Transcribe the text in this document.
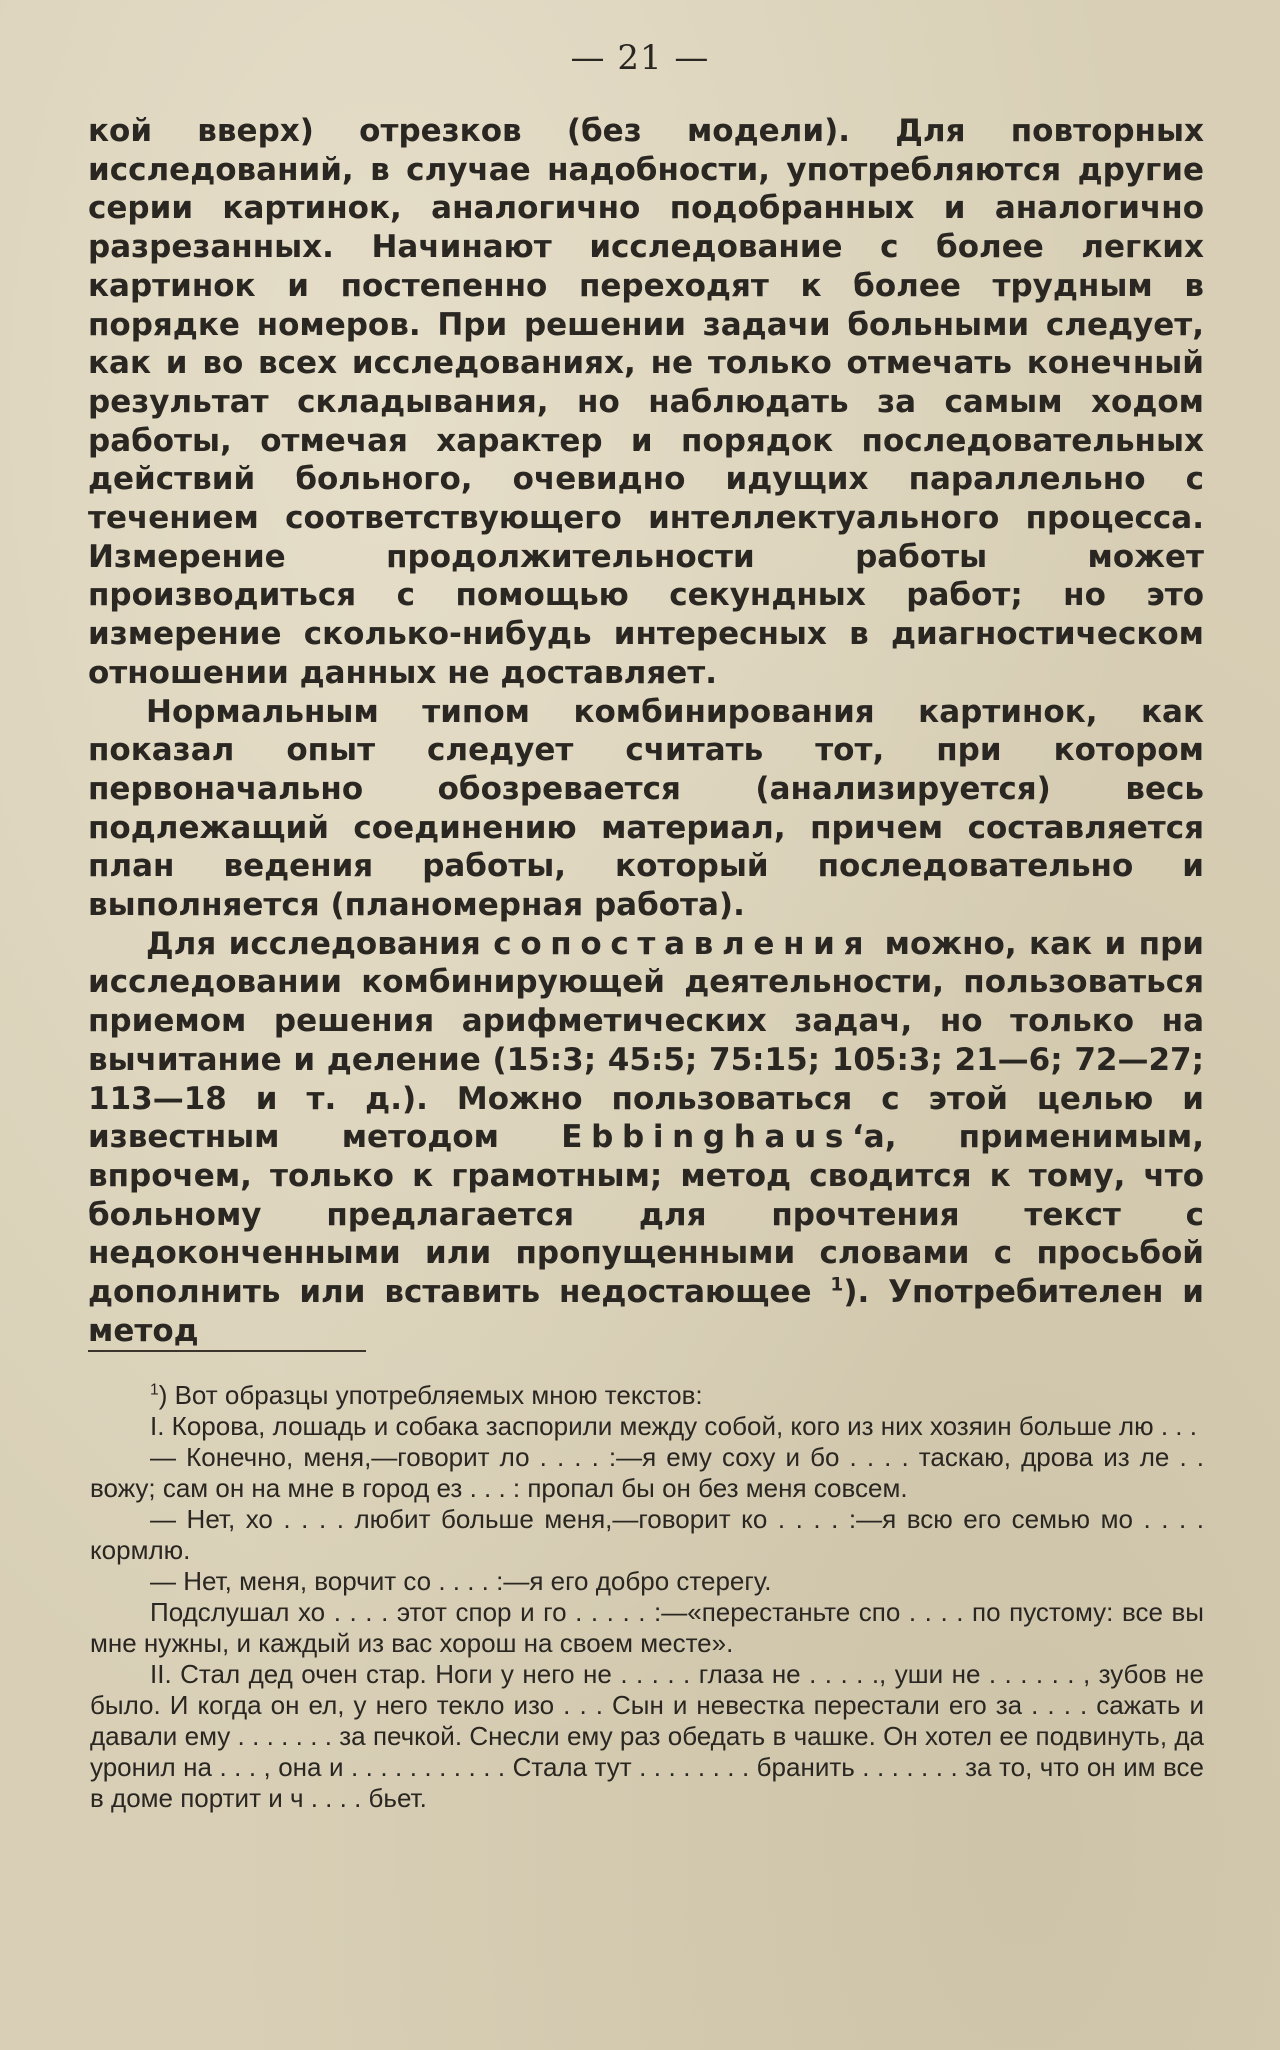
— 21 —

кой вверх) отрезков (без модели). Для повторных исследований, в случае надобности, употребляются другие серии картинок, аналогично подобранных и аналогично разрезанных. Начинают исследование с более легких картинок и постепенно переходят к более трудным в порядке номеров. При решении задачи больными следует, как и во всех исследованиях, не только отмечать конечный результат складывания, но наблюдать за самым ходом работы, отмечая характер и порядок последовательных действий больного, очевидно идущих параллельно с течением соответствующего интеллектуального процесса. Измерение продолжительности работы может производиться с помощью секундных работ; но это измерение сколько-нибудь интересных в диагностическом отношении данных не доставляет.

Нормальным типом комбинирования картинок, как показал опыт следует считать тот, при котором первоначально обозревается (анализируется) весь подлежащий соединению материал, причем составляется план ведения работы, который последовательно и выполняется (планомерная работа).

Для исследования сопоставления можно, как и при исследовании комбинирующей деятельности, пользоваться приемом решения арифметических задач, но только на вычитание и деление (15:3; 45:5; 75:15; 105:3; 21—6; 72—27; 113—18 и т. д.). Можно пользоваться с этой целью и известным методом Ebbinghaus‘а, применимым, впрочем, только к грамотным; метод сводится к тому, что больному предлагается для прочтения текст с недоконченными или пропущенными словами с просьбой дополнить или вставить недостающее $^1$). Употребителен и метод

$^1$) Вот образцы употребляемых мною текстов:

I. Корова, лошадь и собака заспорили между собой, кого из них хозяин больше лю . . .

— Конечно, меня,—говорит ло . . . . :—я ему соху и бо . . . . таскаю, дрова из ле . . вожу; сам он на мне в город ез . . . : пропал бы он без меня совсем.

— Нет, хо . . . . любит больше меня,—говорит ко . . . . :—я всю его семью мо . . . . кормлю.

— Нет, меня, ворчит со . . . . :—я его добро стерегу.

Подслушал хо . . . . этот спор и го . . . . . :—«перестаньте спо . . . . по пустому: все вы мне нужны, и каждый из вас хорош на своем месте».

II. Стал дед очен стар. Ноги у него не . . . . . глаза не . . . . ., уши не . . . . . . , зубов не было. И когда он ел, у него текло изо . . . Сын и невестка перестали его за . . . . сажать и давали ему . . . . . . . за печкой. Снесли ему раз обедать в чашке. Он хотел ее подвинуть, да уронил на . . . , она и . . . . . . . . . . . Стала тут . . . . . . . . бранить . . . . . . . за то, что он им все в доме портит и ч . . . . бьет.
